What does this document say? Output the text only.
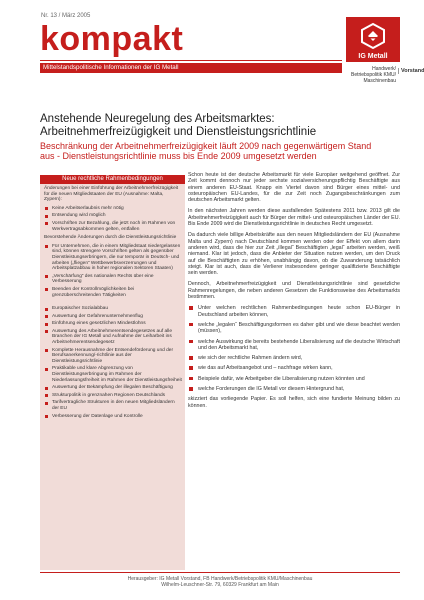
Nr. 13 / März 2005
kompakt
Mittelstandspolitische Informationen der IG Metall
IG Metall
Handwerk/
Betriebspolitik KMU/
Maschinenbau
Vorstand
Anstehende Neuregelung des Arbeitsmarktes:
Arbeitnehmerfreizügigkeit und Dienstleistungsrichtlinie
Beschränkung der Arbeitnehmerfreizügigkeit läuft 2009 nach gegenwärtigem Stand
aus - Dienstleistungsrichtlinie muss bis Ende 2009 umgesetzt werden
Neue rechtliche Rahmenbedingungen

Änderungen bei einer Einführung der Arbeitnehmerfreizügigkeit für die neuen Mitgliedstaaten der EU (Ausnahme: Malta, Zypern):

Keine Arbeitserlaubnis mehr nötig
Entsendung wird möglich
Vorschriften zur Bezahlung, die jetzt noch im Rahmen von Werkvertragsabkommen gelten, entfallen

Bevorstehende Änderungen durch die Dienstleistungsrichtlinie

Für Unternehmen, die in einem Mitgliedstaat niedergelassen sind, können strengere Vorschriften gelten als gegenüber Dienstleistungserbringern, die nur temporär in Deutsch- und arbeiten („fliegen“ Wettbewerbsverzerrungen und Arbeitsplatzabbau in hoher regionalen Sektoren Staaten)
„Verschärfung“ des nationalen Rechts über eine Verbesserung
Beenden der Kontrollmöglichkeiten bei grenzüberschreitenden Tätigkeiten
Europäischer Sozialabbau
Auswertung der Gefahrenunternehmenflug
Einführung eines gesetzlichen Mindestlohns
Auswertung des Arbeitnehmerentsendegesetzes auf alle Branchen der IG Metall und Aufnahme der Leiharbeit ins Arbeitnehmerentsendegesetz
Komplette Herausnahme der Entsendeförderung und der Berufsanerkennung/-richtlinie aus der Dienstleistungsrichtlinie
Praktikable und klare Abgrenzung von Dienstleistungserbringung im Rahmen der Niederlassungsfreiheit im Rahmen der Dienstleistungsfreiheit
Auswertung der Bekämpfung der illegalen Beschäftigung
Strukturpolitik in grenznahen Regionen Deutschlands
Tarifvertragliche Strukturen in den neuen Mitgliedsländern der EU
Verbesserung der Datenlage und Kontrolle

Schon heute ist der deutsche Arbeitsmarkt für viele Europäer weitgehend geöffnet. Zur Zeit kommt dennoch nur jeder sechste sozialversicherungspflichtig Beschäftigte aus einem anderen EU-Staat. Knapp ein Viertel davon sind Bürger eines mittel- und osteuropäischen EU-Landes, für die zur Zeit noch Zugangsbeschränkungen zum deutschen Arbeitsmarkt gelten.

In den nächsten Jahren werden diese ausfallenden Spätestens 2011 bzw. 2013 gilt die Arbeitnehmerfreizügigkeit auch für Bürger der mittel- und osteuropäischen Länder der EU. Bis Ende 2009 wird die Dienstleistungsrichtlinie in deutsches Recht umgesetzt.

Da dadurch viele billige Arbeitskräfte aus den neuen Mitgliedsländern der EU (Ausnahme Malta und Zypern) nach Deutschland kommen werden oder der Effekt von allem darin anderen wird, dass die hier zur Zeit „illegal“ Beschäftigten „legal“ arbeiten werden, weiß niemand. Klar ist jedoch, dass die Anbieter der Situation nutzen werden, um den Druck auf die Beschäftigten zu erhöhen, unabhängig davon, ob die Zuwanderung tatsächlich steigt. Klar ist auch, dass die Verlierer insbesondere geringer qualifizierte Beschäftigte sein werden.

Dennoch, Arbeitnehmerfreizügigkeit und Dienstleistungsrichtlinie sind gesetzliche Rahmenregelungen, die neben anderen Gesetzen die Funktionsweise des Arbeitsmarkts bestimmen.

Unter welchen rechtlichen Rahmenbedingungen heute schon EU-Bürger in Deutschland arbeiten können,
welche „legalen“ Beschäftigungsformen es daher gibt und wie diese beachtet werden (müssen),
welche Auswirkung die bereits bestehende Liberalisierung auf die deutsche Wirtschaft und den Arbeitsmarkt hat,
wie sich der rechtliche Rahmen ändern wird,
wie das auf Arbeitsangebot und – nachfrage wirken kann,
Beispiele dafür, wie Arbeitgeber die Liberalisierung nutzen könnten und
welche Forderungen die IG Metall vor diesem Hintergrund hat,

skizziert das vorliegende Papier. Es soll helfen, sich eine fundierte Meinung bilden zu können.

Herausgeber: IG Metall Vorstand, FB Handwerk/Betriebspolitik KMU/Maschinenbau
Wilhelm-Leuschner-Str. 79, 60329 Frankfurt am Main
